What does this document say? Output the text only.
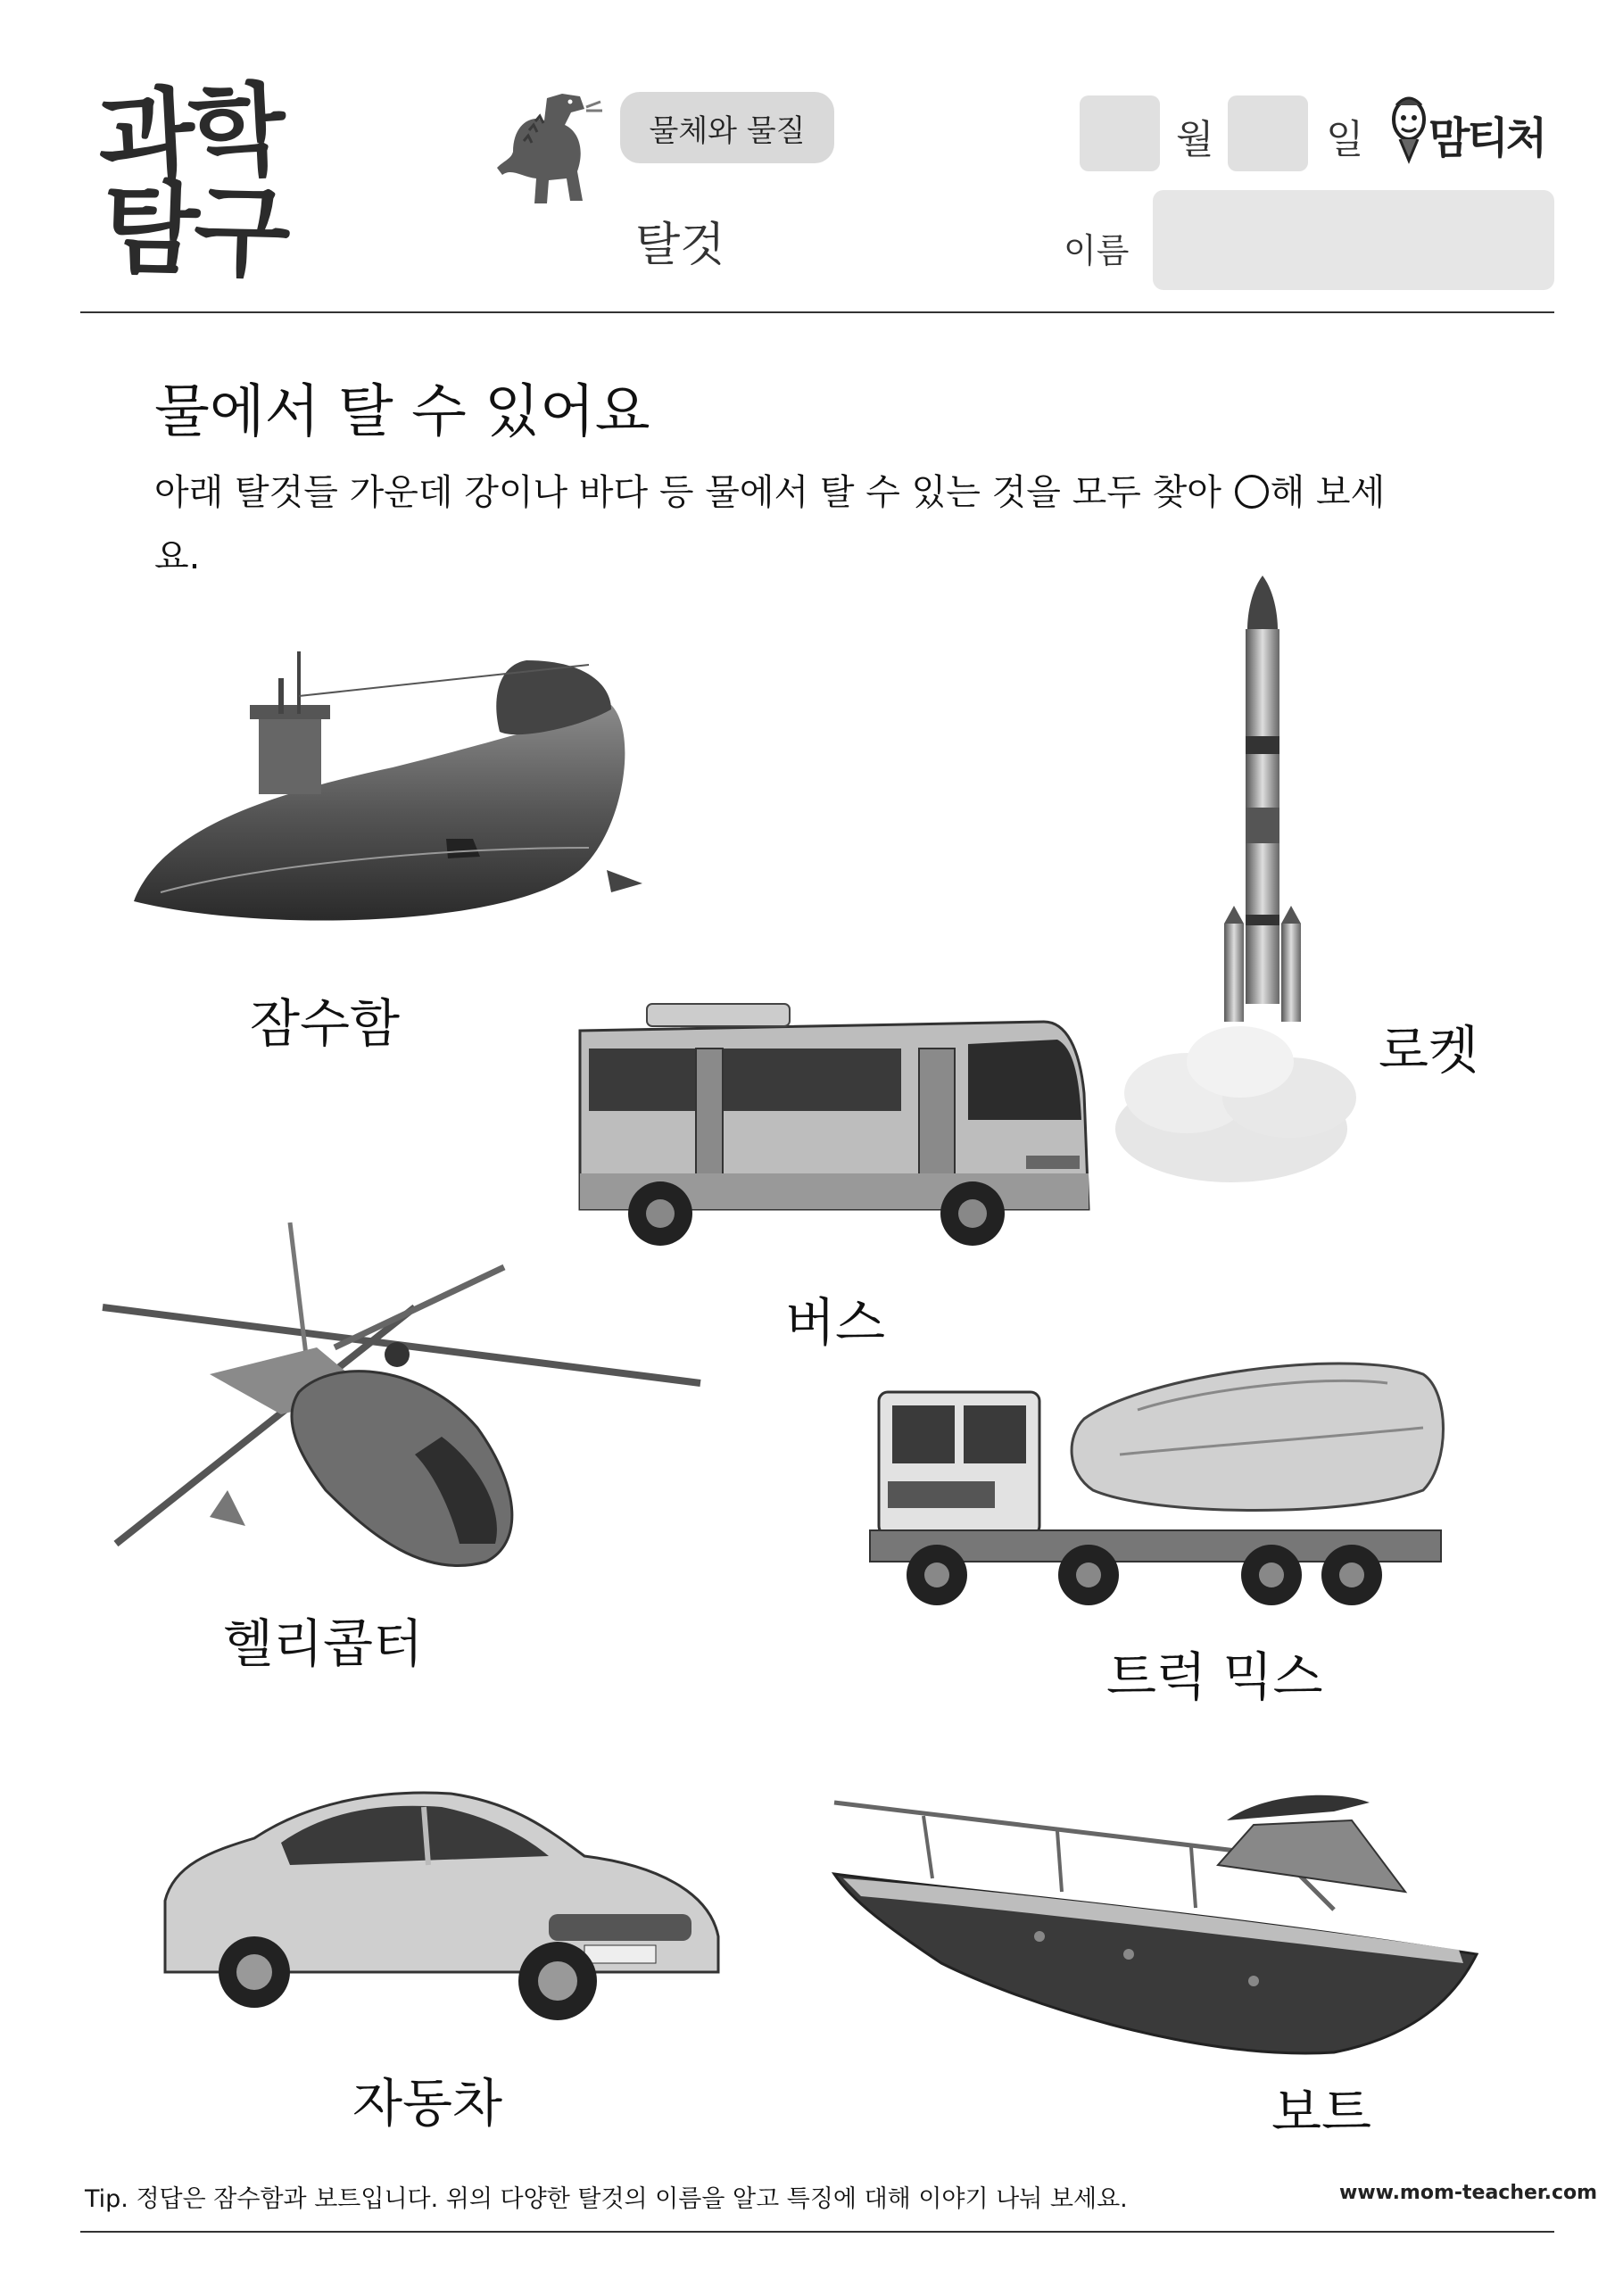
과학
탐구
물체와 물질
탈것
월	일 맘티처
이름
물에서 탈 수 있어요
아래 탈것들 가운데 강이나 바다 등 물에서 탈 수 있는 것을 모두 찾아 해 보세요.
잠수함	로켓
버스
헬리콥터
트럭 믹스
자동차	보트
Tip. 정답은 잠수함과 보트입니다. 위의 다양한 탈것의 이름을 알고 특징에 대해 이야기 나눠 보세요.	www.mom-teacher.com
